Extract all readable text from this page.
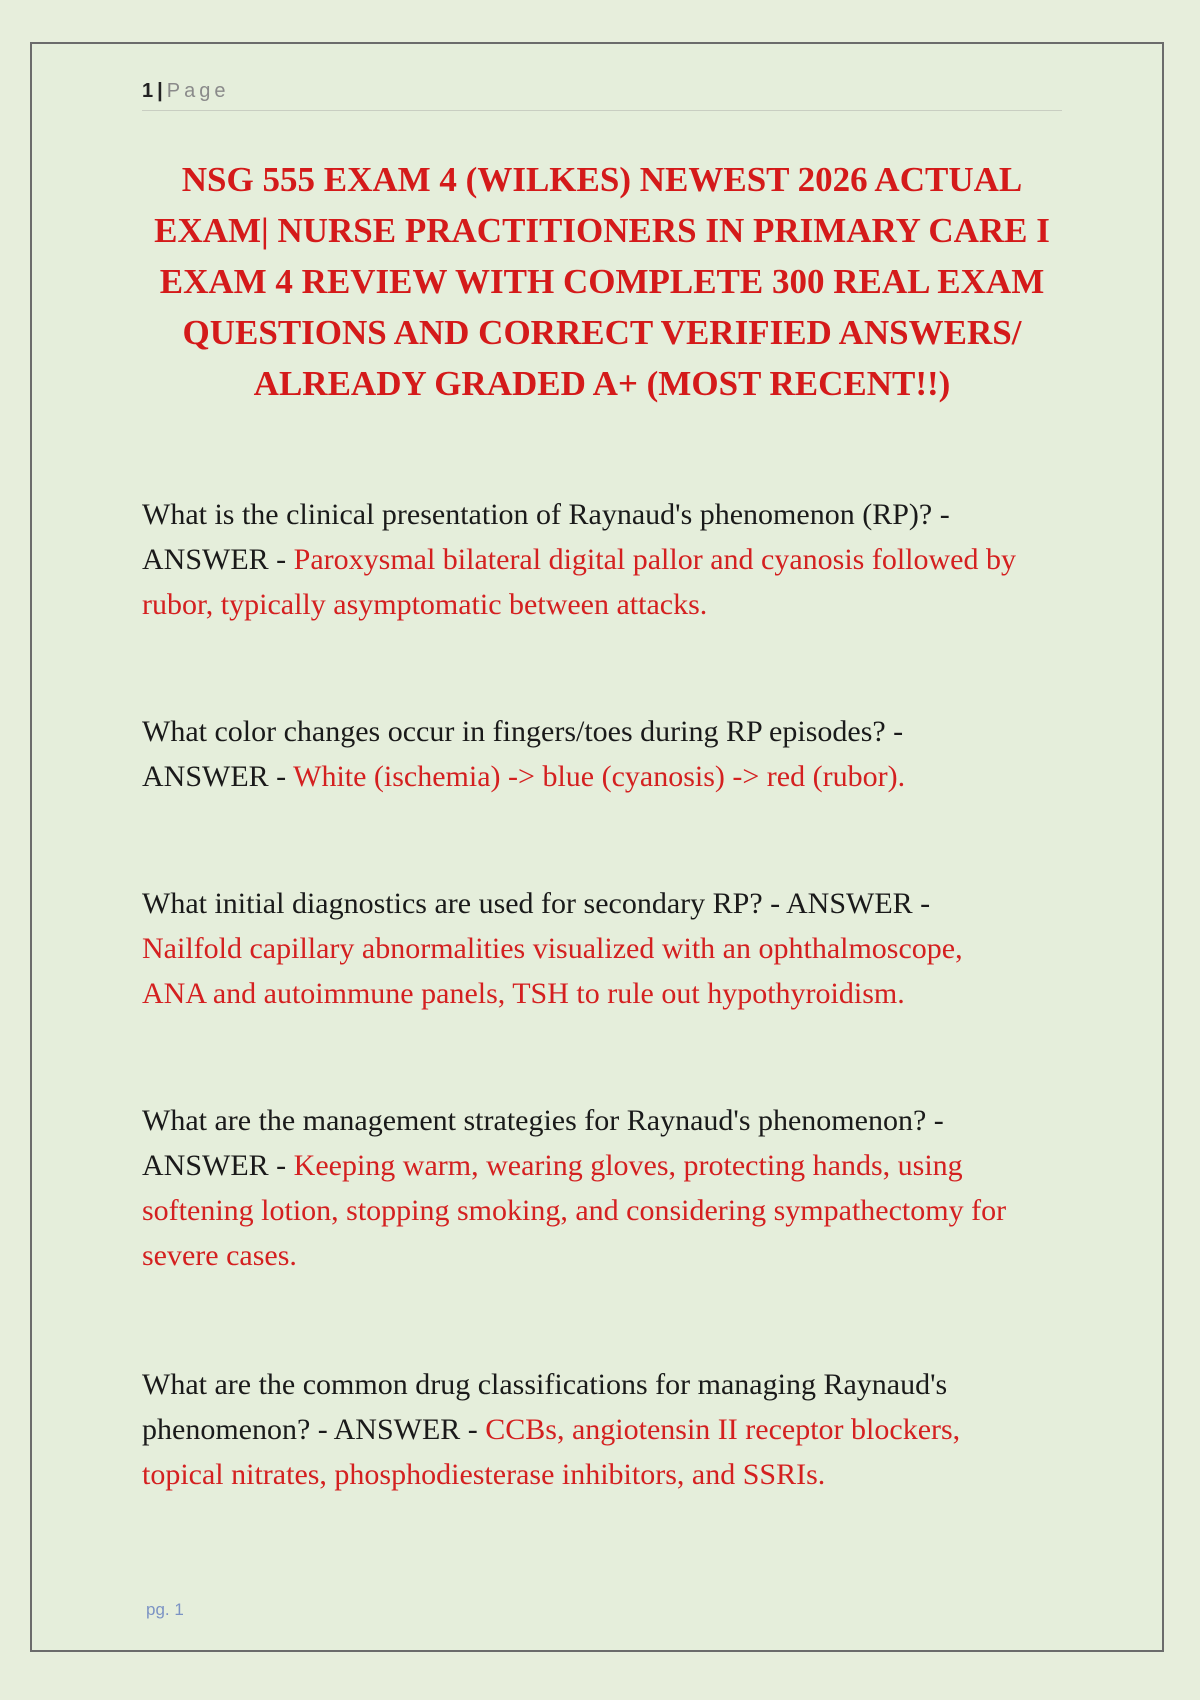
1 | Page
NSG 555 EXAM 4 (WILKES) NEWEST 2026 ACTUAL
EXAM| NURSE PRACTITIONERS IN PRIMARY CARE I
EXAM 4 REVIEW WITH COMPLETE 300 REAL EXAM
QUESTIONS AND CORRECT VERIFIED ANSWERS/
ALREADY GRADED A+ (MOST RECENT!!)
What is the clinical presentation of Raynaud's phenomenon (RP)? -
ANSWER - Paroxysmal bilateral digital pallor and cyanosis followed by
rubor, typically asymptomatic between attacks.
What color changes occur in fingers/toes during RP episodes? -
ANSWER - White (ischemia) -> blue (cyanosis) -> red (rubor).
What initial diagnostics are used for secondary RP? - ANSWER -
Nailfold capillary abnormalities visualized with an ophthalmoscope,
ANA and autoimmune panels, TSH to rule out hypothyroidism.
What are the management strategies for Raynaud's phenomenon? -
ANSWER - Keeping warm, wearing gloves, protecting hands, using
softening lotion, stopping smoking, and considering sympathectomy for
severe cases.
What are the common drug classifications for managing Raynaud's
phenomenon? - ANSWER - CCBs, angiotensin II receptor blockers,
topical nitrates, phosphodiesterase inhibitors, and SSRIs.
pg. 1
